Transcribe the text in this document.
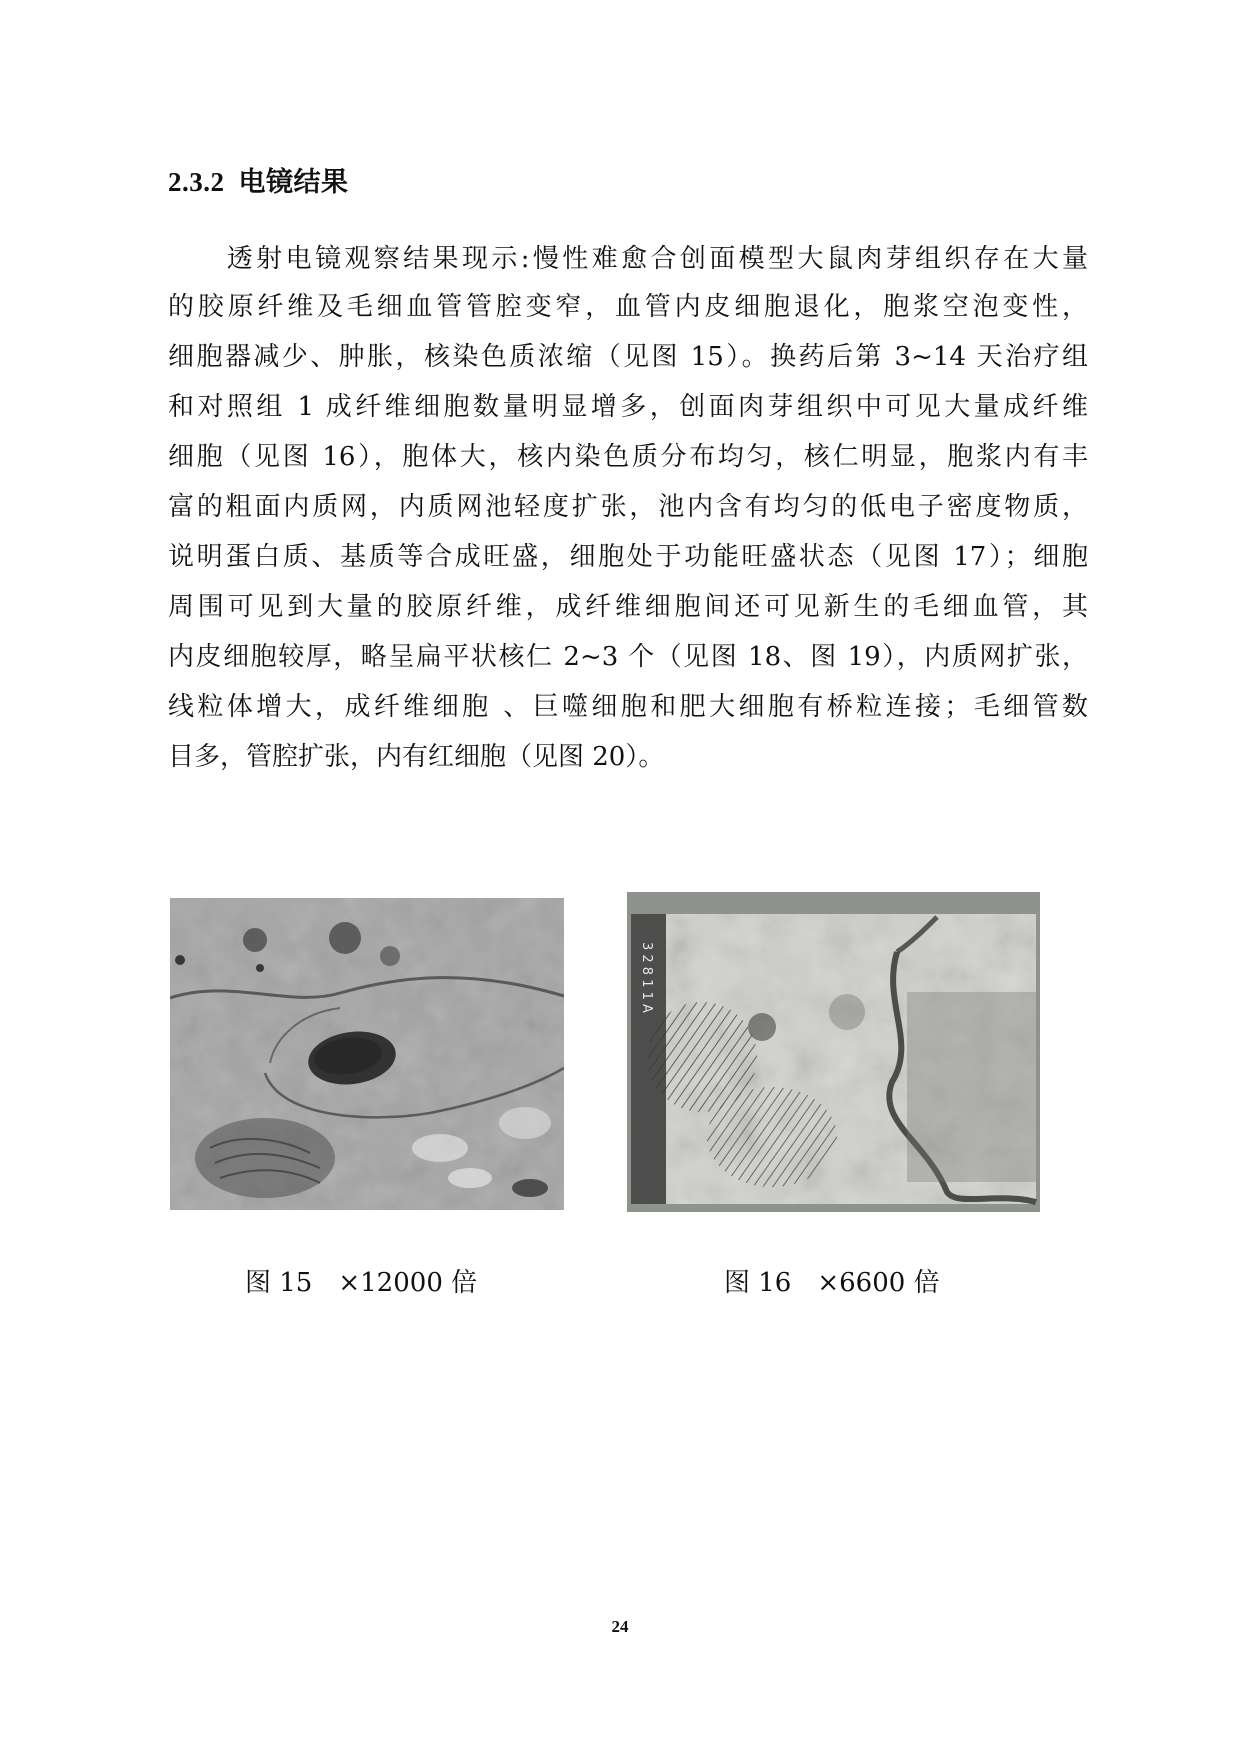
2.3.2 电镜结果
　　透射电镜观察结果现示:慢性难愈合创面模型大鼠肉芽组织存在大量
的胶原纤维及毛细血管管腔变窄，血管内皮细胞退化，胞浆空泡变性，
细胞器减少、肿胀，核染色质浓缩（见图 15）。换药后第 3~14 天治疗组
和对照组 1 成纤维细胞数量明显增多，创面肉芽组织中可见大量成纤维
细胞（见图 16），胞体大，核内染色质分布均匀，核仁明显，胞浆内有丰
富的粗面内质网，内质网池轻度扩张，池内含有均匀的低电子密度物质，
说明蛋白质、基质等合成旺盛，细胞处于功能旺盛状态（见图 17）；细胞
周围可见到大量的胶原纤维，成纤维细胞间还可见新生的毛细血管，其
内皮细胞较厚，略呈扁平状核仁 2~3 个（见图 18、图 19），内质网扩张，
线粒体增大，成纤维细胞 、巨噬细胞和肥大细胞有桥粒连接；毛细管数
目多，管腔扩张，内有红细胞（见图 20）。
3 2 8 1 1 A
图 15 ×12000 倍	图 16 ×6600 倍
24
